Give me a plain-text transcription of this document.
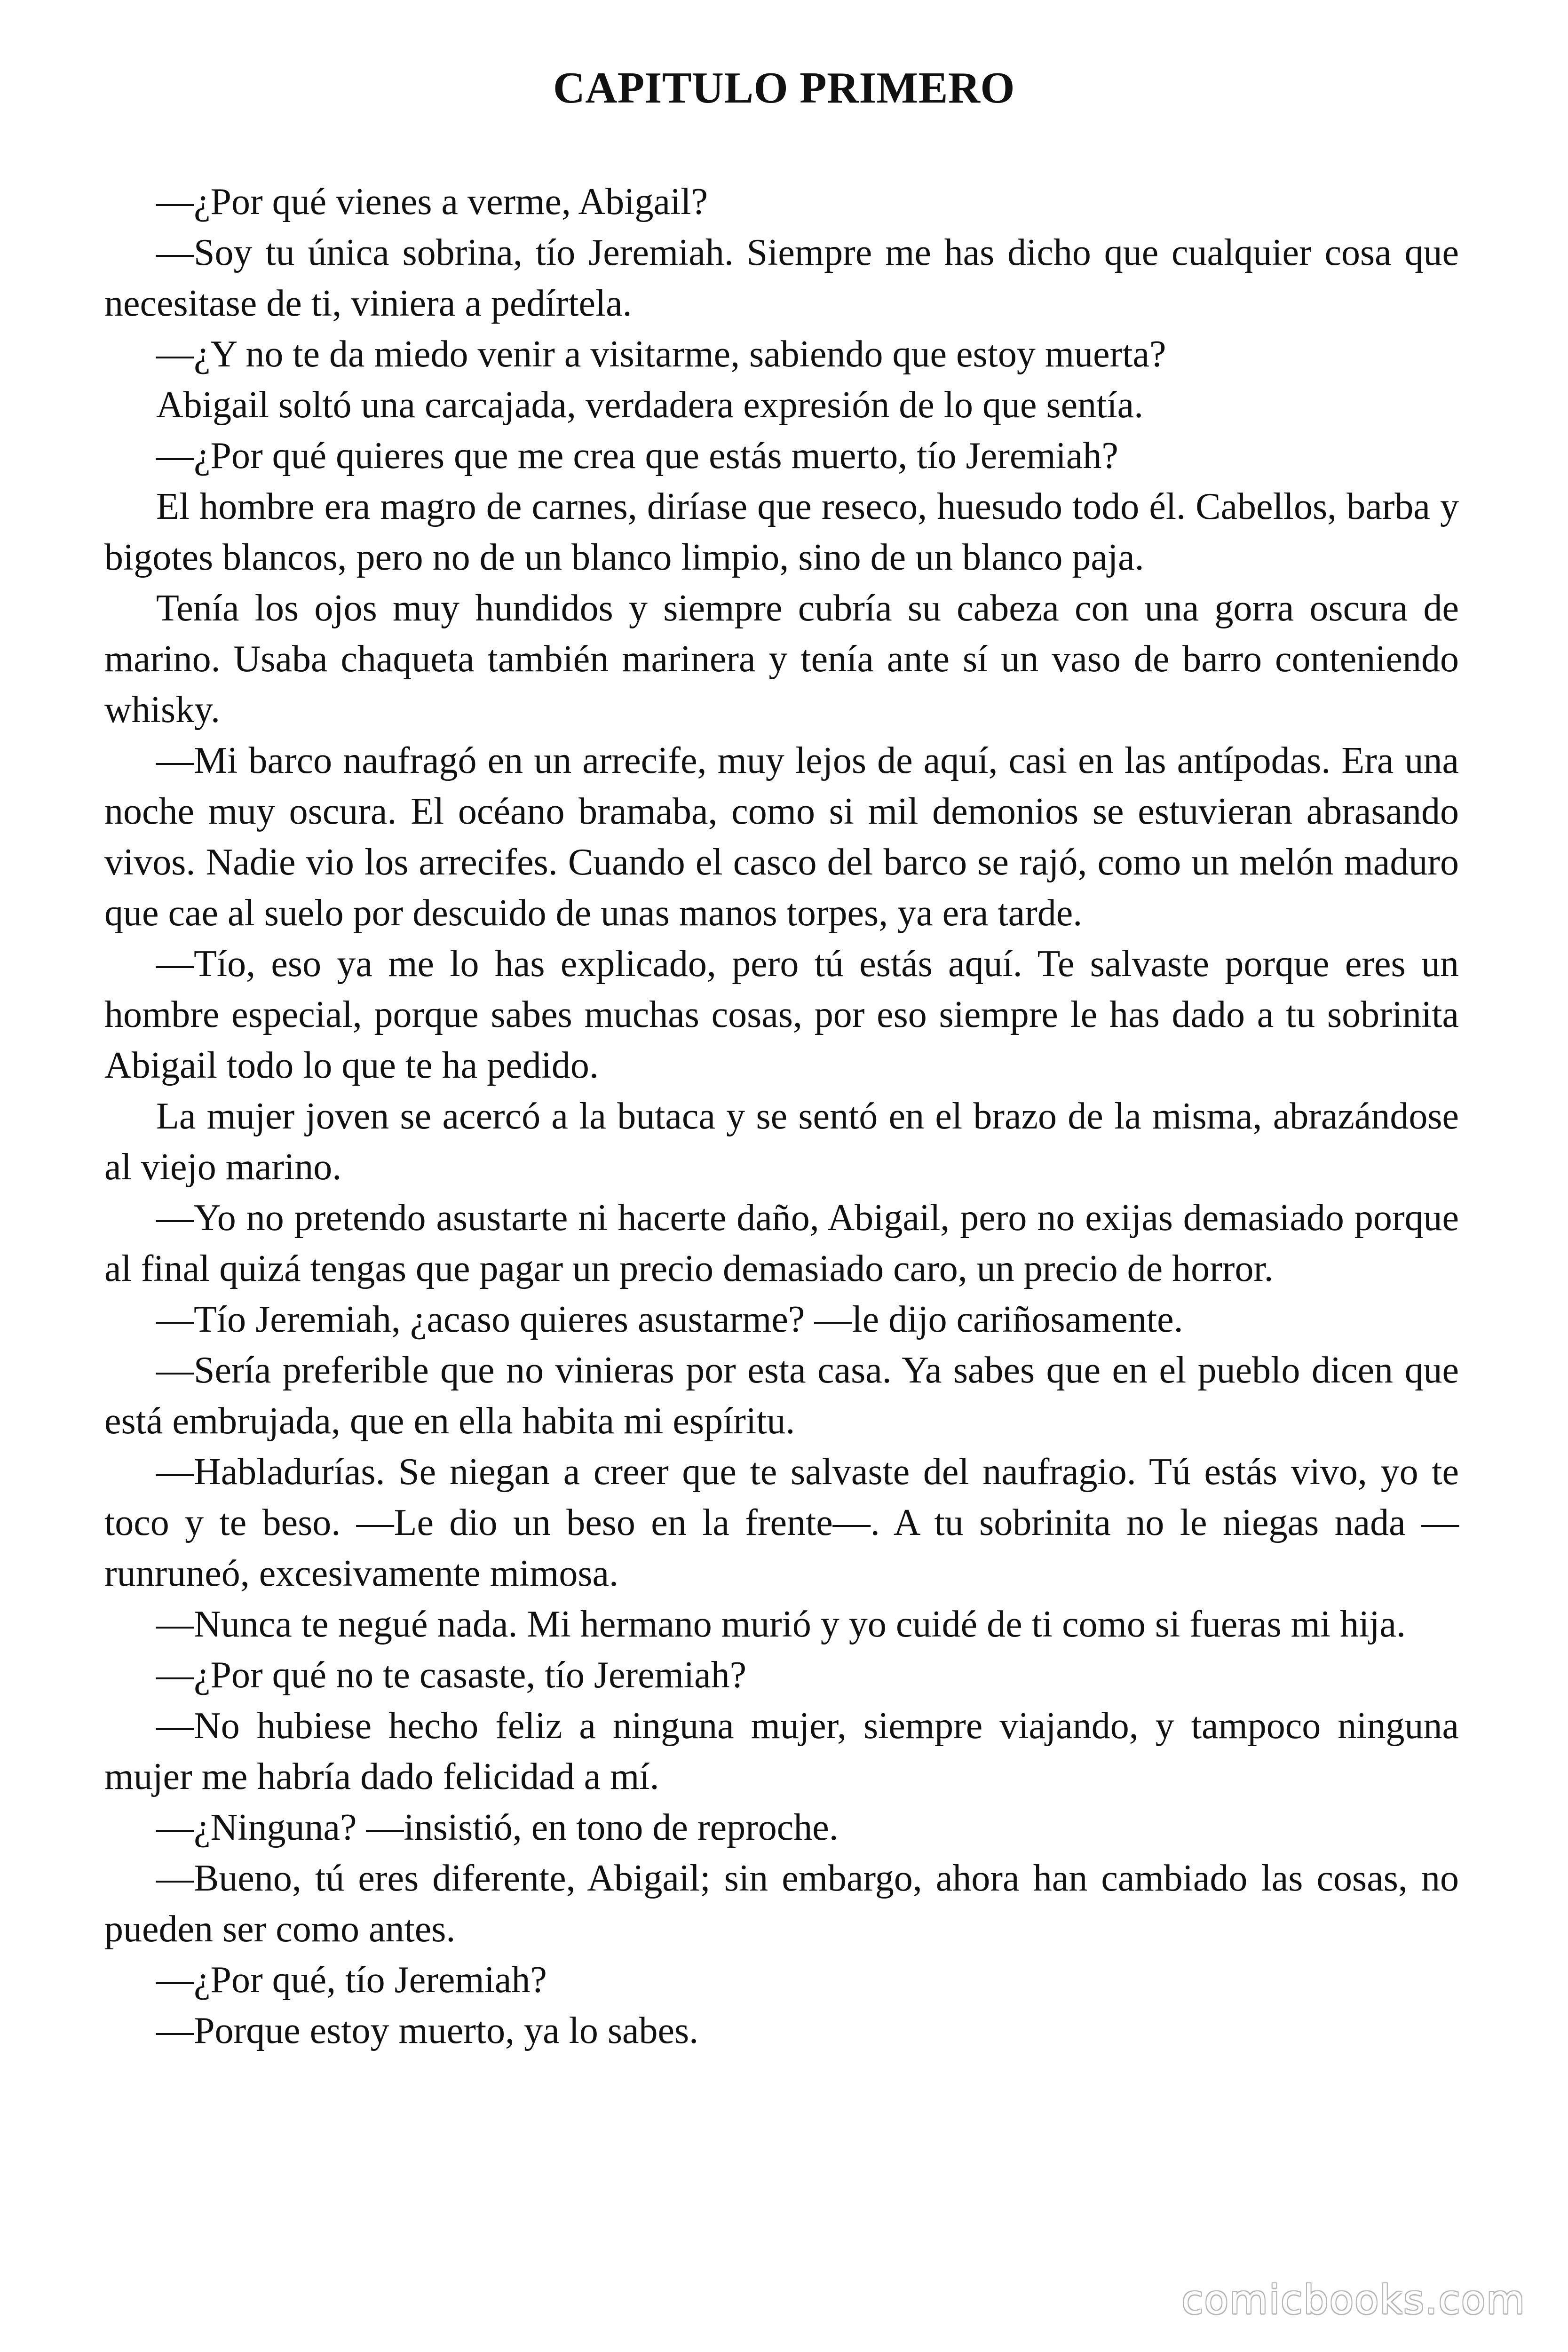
CAPITULO PRIMERO

—¿Por qué vienes a verme, Abigail?

—Soy tu única sobrina, tío Jeremiah. Siempre me has dicho que cualquier cosa que necesitase de ti, viniera a pedírtela.

—¿Y no te da miedo venir a visitarme, sabiendo que estoy muerta?

Abigail soltó una carcajada, verdadera expresión de lo que sentía.

—¿Por qué quieres que me crea que estás muerto, tío Jeremiah?

El hombre era magro de carnes, diríase que reseco, huesudo todo él. Cabellos, barba y bigotes blancos, pero no de un blanco limpio, sino de un blanco paja.

Tenía los ojos muy hundidos y siempre cubría su cabeza con una gorra oscura de marino. Usaba chaqueta también marinera y tenía ante sí un vaso de barro conteniendo whisky.

—Mi barco naufragó en un arrecife, muy lejos de aquí, casi en las antípodas. Era una noche muy oscura. El océano bramaba, como si mil demonios se estuvieran abrasando vivos. Nadie vio los arrecifes. Cuando el casco del barco se rajó, como un melón maduro que cae al suelo por descuido de unas manos torpes, ya era tarde.

—Tío, eso ya me lo has explicado, pero tú estás aquí. Te salvaste porque eres un hombre especial, porque sabes muchas cosas, por eso siempre le has dado a tu sobrinita Abigail todo lo que te ha pedido.

La mujer joven se acercó a la butaca y se sentó en el brazo de la misma, abrazándose al viejo marino.

—Yo no pretendo asustarte ni hacerte daño, Abigail, pero no exijas demasiado porque al final quizá tengas que pagar un precio demasiado caro, un precio de horror.

—Tío Jeremiah, ¿acaso quieres asustarme? —le dijo cariñosamente.

—Sería preferible que no vinieras por esta casa. Ya sabes que en el pueblo dicen que está embrujada, que en ella habita mi espíritu.

—Habladurías. Se niegan a creer que te salvaste del naufragio. Tú estás vivo, yo te toco y te beso. —Le dio un beso en la frente—. A tu sobrinita no le niegas nada —runruneó, excesivamente mimosa.

—Nunca te negué nada. Mi hermano murió y yo cuidé de ti como si fueras mi hija.

—¿Por qué no te casaste, tío Jeremiah?

—No hubiese hecho feliz a ninguna mujer, siempre viajando, y tampoco ninguna mujer me habría dado felicidad a mí.

—¿Ninguna? —insistió, en tono de reproche.

—Bueno, tú eres diferente, Abigail; sin embargo, ahora han cambiado las cosas, no pueden ser como antes.

—¿Por qué, tío Jeremiah?

—Porque estoy muerto, ya lo sabes.

comicbooks.com
